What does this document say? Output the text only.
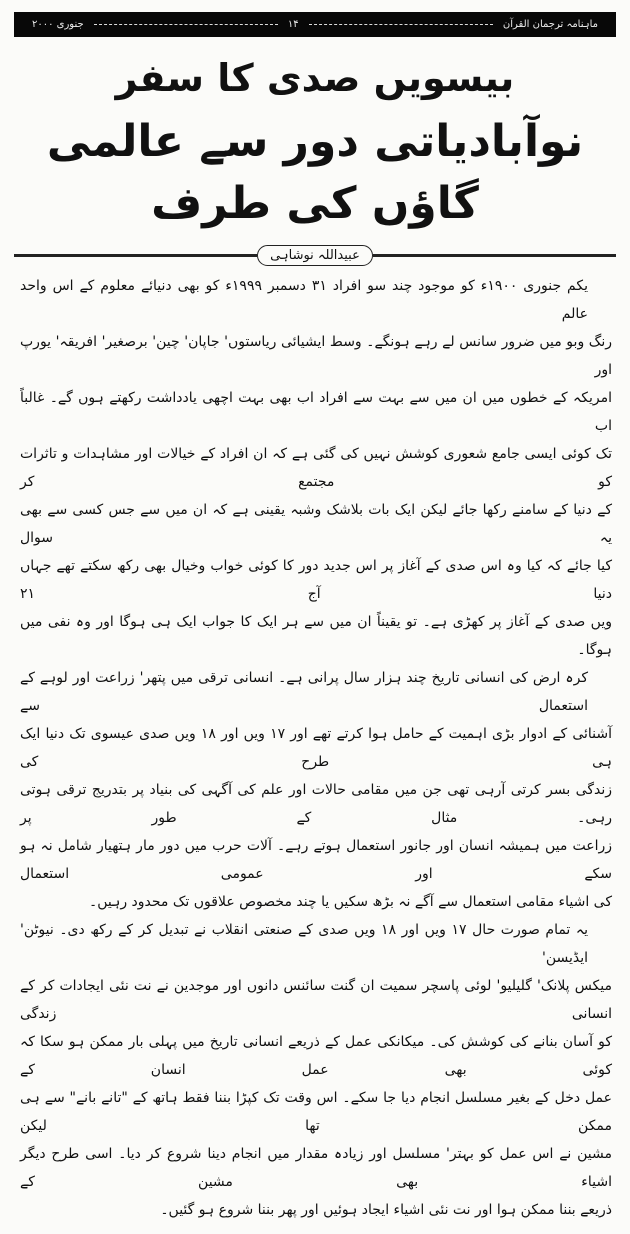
ماہنامہ ترجمان القرآن
۱۴
جنوری ۲۰۰۰
بیسویں صدی کا سفر
نوآبادیاتی دور سے عالمی گاؤں کی طرف
عبیداللہ نوشاہی
یکم جنوری ۱۹۰۰ء کو موجود چند سو افراد ۳۱ دسمبر ۱۹۹۹ء کو بھی دنیائے معلوم کے اس واحد عالم
رنگ وبو میں ضرور سانس لے رہے ہونگے۔ وسط ایشیائی ریاستوں' جاپان' چین' برصغیر' افریقہ' یورپ اور
امریکہ کے خطوں میں ان میں سے بہت سے افراد اب بھی بہت اچھی یادداشت رکھتے ہوں گے۔ غالباً اب
تک کوئی ایسی جامع شعوری کوشش نہیں کی گئی ہے کہ ان افراد کے خیالات اور مشاہدات و تاثرات کو مجتمع کر
کے دنیا کے سامنے رکھا جائے لیکن ایک بات بلاشک وشبہ یقینی ہے کہ ان میں سے جس کسی سے بھی یہ سوال
کیا جائے کہ کیا وہ اس صدی کے آغاز پر اس جدید دور کا کوئی خواب وخیال بھی رکھ سکتے تھے جہاں دنیا آج ۲۱
ویں صدی کے آغاز پر کھڑی ہے۔ تو یقیناً ان میں سے ہر ایک کا جواب ایک ہی ہوگا اور وہ نفی میں ہوگا۔
کرہ ارض کی انسانی تاریخ چند ہزار سال پرانی ہے۔ انسانی ترقی میں پتھر' زراعت اور لوہے کے استعمال سے
آشنائی کے ادوار بڑی اہمیت کے حامل ہوا کرتے تھے اور ۱۷ ویں اور ۱۸ ویں صدی عیسوی تک دنیا ایک ہی طرح کی
زندگی بسر کرتی آرہی تھی جن میں مقامی حالات اور علم کی آگہی کی بنیاد پر بتدریج ترقی ہوتی رہی۔ مثال کے طور پر
زراعت میں ہمیشہ انسان اور جانور استعمال ہوتے رہے۔ آلات حرب میں دور مار ہتھیار شامل نہ ہو سکے اور عمومی استعمال
کی اشیاء مقامی استعمال سے آگے نہ بڑھ سکیں یا چند مخصوص علاقوں تک محدود رہیں۔
یہ تمام صورت حال ۱۷ ویں اور ۱۸ ویں صدی کے صنعتی انقلاب نے تبدیل کر کے رکھ دی۔ نیوٹن' ایڈیسن'
میکس پلانک' گلیلیو' لوئی پاسچر سمیت ان گنت سائنس دانوں اور موجدین نے نت نئی ایجادات کر کے انسانی زندگی
کو آسان بنانے کی کوشش کی۔ میکانکی عمل کے ذریعے انسانی تاریخ میں پہلی بار ممکن ہو سکا کہ کوئی بھی عمل انسان کے
عمل دخل کے بغیر مسلسل انجام دیا جا سکے۔ اس وقت تک کپڑا بننا فقط ہاتھ کے "تانے بانے" سے ہی ممکن تھا لیکن
مشین نے اس عمل کو بہتر' مسلسل اور زیادہ مقدار میں انجام دینا شروع کر دیا۔ اسی طرح دیگر اشیاء بھی مشین کے
ذریعے بننا ممکن ہوا اور نت نئی اشیاء ایجاد ہوئیں اور پھر بننا شروع ہو گئیں۔
